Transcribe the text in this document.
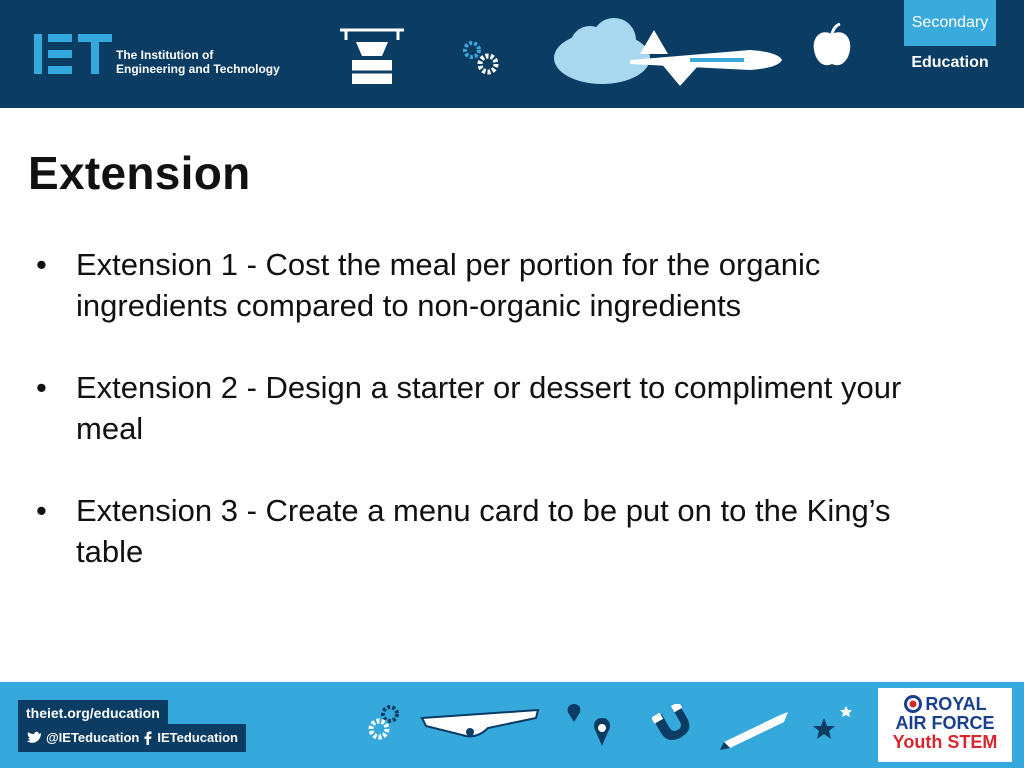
The Institution of
Engineering and Technology
Secondary
Education
Extension
• Extension 1 - Cost the meal per portion for the organic ingredients compared to non-organic ingredients
• Extension 2 - Design a starter or dessert to compliment your meal
• Extension 3 - Create a menu card to be put on to the King’s table
theiet.org/education
@IETeducation IETeducation
ROYAL
AIR FORCE
Youth STEM
